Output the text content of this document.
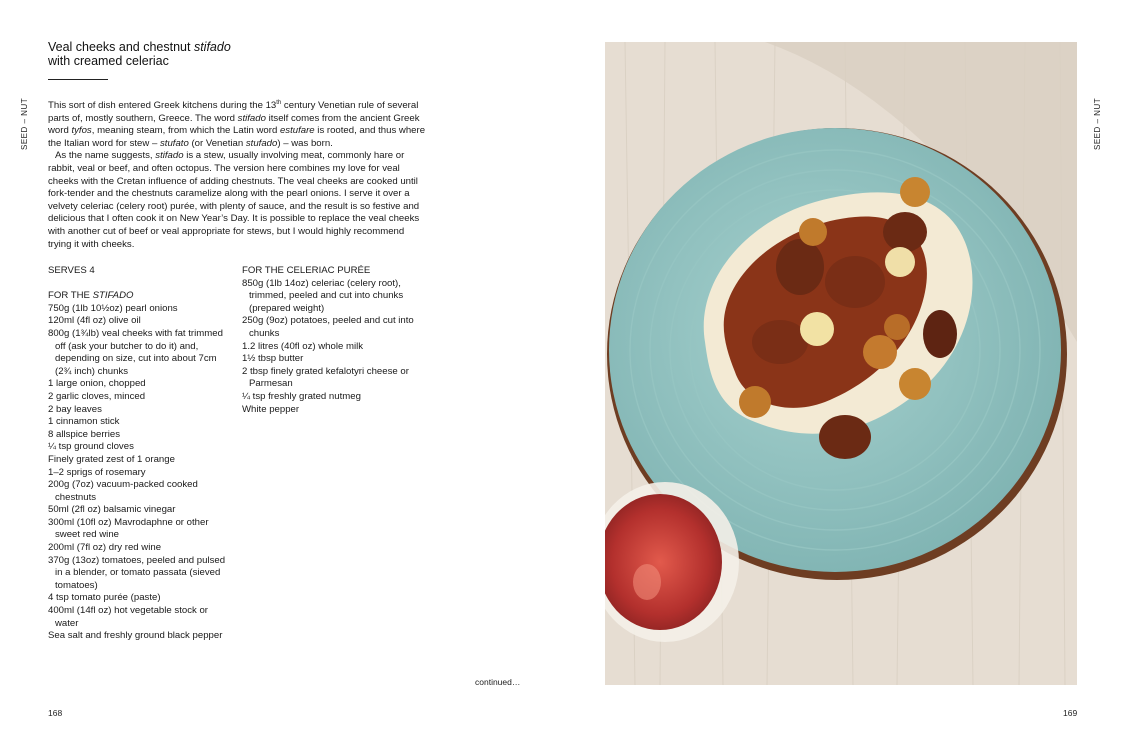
SEED – NUT
Veal cheeks and chestnut stifado
with creamed celeriac

This sort of dish entered Greek kitchens during the 13th century Venetian rule of several parts of, mostly southern, Greece. The word stifado itself comes from the ancient Greek word tyfos, meaning steam, from which the Latin word estufare is rooted, and thus where the Italian word for stew – stufato (or Venetian stufado) – was born.

As the name suggests, stifado is a stew, usually involving meat, commonly hare or rabbit, veal or beef, and often octopus. The version here combines my love for veal cheeks with the Cretan influence of adding chestnuts. The veal cheeks are cooked until fork-tender and the chestnuts caramelize along with the pearl onions. I serve it over a velvety celeriac (celery root) purée, with plenty of sauce, and the result is so festive and delicious that I often cook it on New Year’s Day. It is possible to replace the veal cheeks with another cut of beef or veal appropriate for stews, but I would highly recommend trying it with cheeks.

SERVES 4
FOR THE STIFADO
750g (1lb 10½oz) pearl onions
120ml (4fl oz) olive oil
800g (1¾lb) veal cheeks with fat trimmed off (ask your butcher to do it) and, depending on size, cut into about 7cm (2¾ inch) chunks
1 large onion, chopped
2 garlic cloves, minced
2 bay leaves
1 cinnamon stick
8 allspice berries
¼ tsp ground cloves
Finely grated zest of 1 orange
1–2 sprigs of rosemary
200g (7oz) vacuum-packed cooked chestnuts
50ml (2fl oz) balsamic vinegar
300ml (10fl oz) Mavrodaphne or other sweet red wine
200ml (7fl oz) dry red wine
370g (13oz) tomatoes, peeled and pulsed in a blender, or tomato passata (sieved tomatoes)
4 tsp tomato purée (paste)
400ml (14fl oz) hot vegetable stock or water
Sea salt and freshly ground black pepper
FOR THE CELERIAC PURÉE
850g (1lb 14oz) celeriac (celery root), trimmed, peeled and cut into chunks (prepared weight)
250g (9oz) potatoes, peeled and cut into chunks
1.2 litres (40fl oz) whole milk
1½ tbsp butter
2 tbsp finely grated kefalotyri cheese or Parmesan
¼ tsp freshly grated nutmeg
White pepper
continued…
168
SEED – NUT
169
